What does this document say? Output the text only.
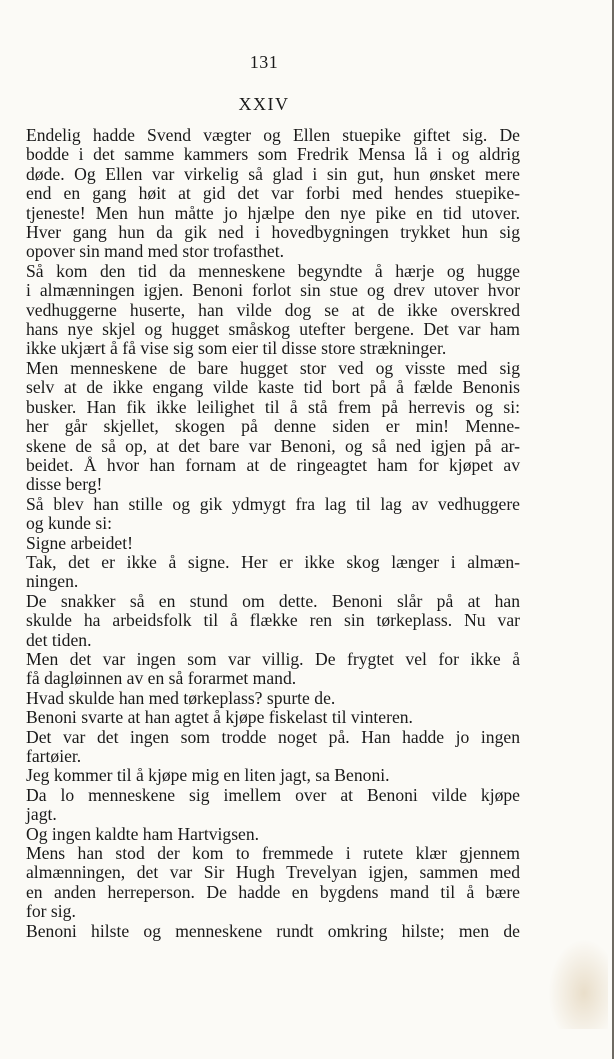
131
XXIV
Endelig hadde Svend vægter og Ellen stuepike giftet sig. De
bodde i det samme kammers som Fredrik Mensa lå i og aldrig
døde. Og Ellen var virkelig så glad i sin gut, hun ønsket mere
end en gang høit at gid det var forbi med hendes stuepike-
tjeneste! Men hun måtte jo hjælpe den nye pike en tid utover.
Hver gang hun da gik ned i hovedbygningen trykket hun sig
opover sin mand med stor trofasthet.
Så kom den tid da menneskene begyndte å hærje og hugge
i almænningen igjen. Benoni forlot sin stue og drev utover hvor
vedhuggerne huserte, han vilde dog se at de ikke overskred
hans nye skjel og hugget småskog utefter bergene. Det var ham
ikke ukjært å få vise sig som eier til disse store strækninger.
Men menneskene de bare hugget stor ved og visste med sig
selv at de ikke engang vilde kaste tid bort på å fælde Benonis
busker. Han fik ikke leilighet til å stå frem på herrevis og si:
her går skjellet, skogen på denne siden er min! Menne-
skene de så op, at det bare var Benoni, og så ned igjen på ar-
beidet. Å hvor han fornam at de ringeagtet ham for kjøpet av
disse berg!
Så blev han stille og gik ydmygt fra lag til lag av vedhuggere
og kunde si:
Signe arbeidet!
Tak, det er ikke å signe. Her er ikke skog længer i almæn-
ningen.
De snakker så en stund om dette. Benoni slår på at han
skulde ha arbeidsfolk til å flække ren sin tørkeplass. Nu var
det tiden.
Men det var ingen som var villig. De frygtet vel for ikke å
få dagløinnen av en så forarmet mand.
Hvad skulde han med tørkeplass? spurte de.
Benoni svarte at han agtet å kjøpe fiskelast til vinteren.
Det var det ingen som trodde noget på. Han hadde jo ingen
fartøier.
Jeg kommer til å kjøpe mig en liten jagt, sa Benoni.
Da lo menneskene sig imellem over at Benoni vilde kjøpe
jagt.
Og ingen kaldte ham Hartvigsen.
Mens han stod der kom to fremmede i rutete klær gjennem
almænningen, det var Sir Hugh Trevelyan igjen, sammen med
en anden herreperson. De hadde en bygdens mand til å bære
for sig.
Benoni hilste og menneskene rundt omkring hilste; men de
